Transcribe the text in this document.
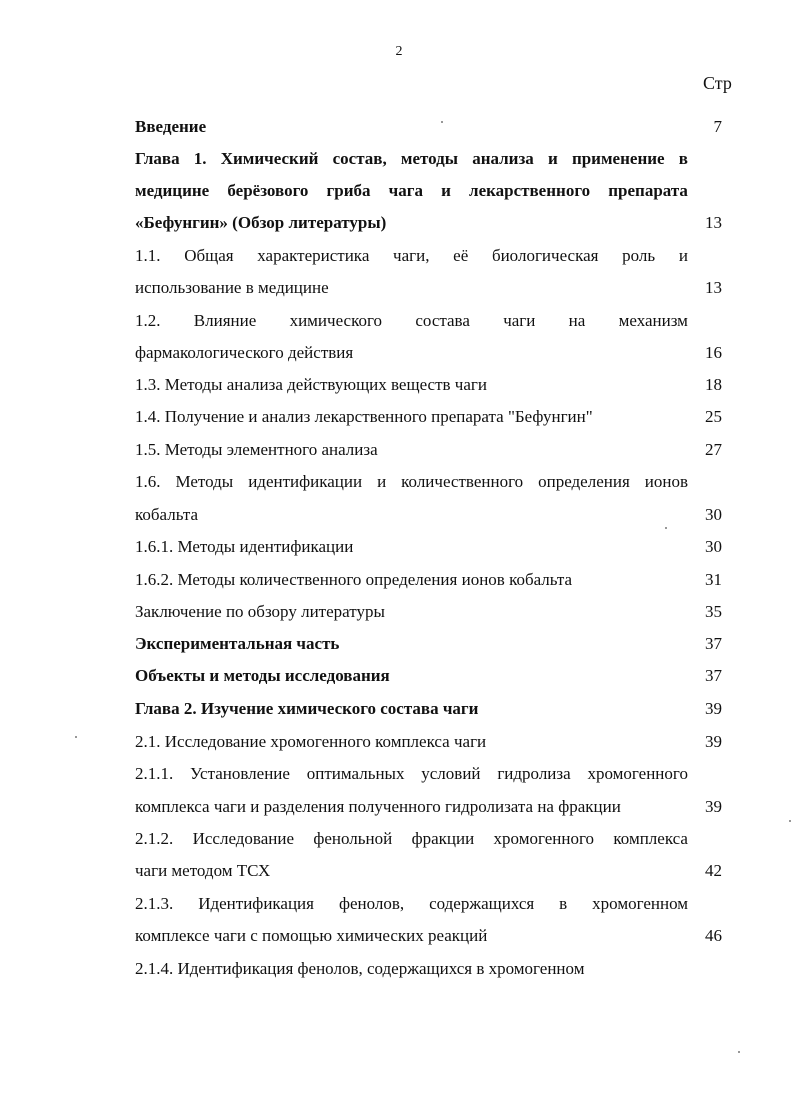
2
Стр
Введение	7
Глава 1. Химический состав, методы анализа и применение в
медицине берёзового гриба чага и лекарственного препарата
«Бефунгин» (Обзор литературы)	13
1.1. Общая характеристика чаги, её биологическая роль и
использование в медицине	13
1.2. Влияние химического состава чаги на механизм
фармакологического действия	16
1.3. Методы анализа действующих веществ чаги	18
1.4. Получение и анализ лекарственного препарата "Бефунгин"	25
1.5. Методы элементного анализа	27
1.6. Методы идентификации и количественного определения ионов
кобальта	30
1.6.1. Методы идентификации	30
1.6.2. Методы количественного определения ионов кобальта	31
Заключение по обзору литературы	35
Экспериментальная часть	37
Объекты и методы исследования	37
Глава 2. Изучение химического состава чаги	39
2.1. Исследование хромогенного комплекса чаги	39
2.1.1. Установление оптимальных условий гидролиза хромогенного
комплекса чаги и разделения полученного гидролизата на фракции	39
2.1.2. Исследование фенольной фракции хромогенного комплекса
чаги методом ТСХ	42
2.1.3. Идентификация фенолов, содержащихся в хромогенном
комплексе чаги с помощью химических реакций	46
2.1.4. Идентификация фенолов, содержащихся в хромогенном
